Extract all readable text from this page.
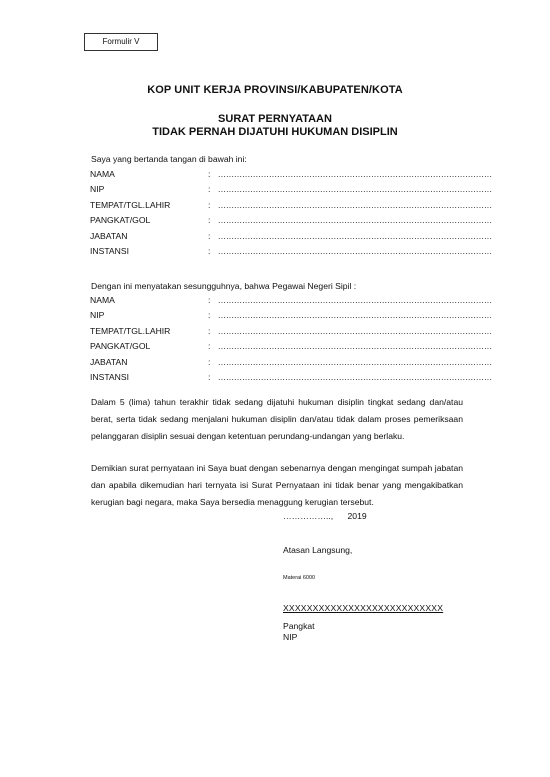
Formulir V
KOP UNIT KERJA PROVINSI/KABUPATEN/KOTA
SURAT PERNYATAAN
TIDAK PERNAH DIJATUHI HUKUMAN DISIPLIN
Saya yang bertanda tangan di bawah ini:
NAMA	: ......................................................................................................
NIP	: ......................................................................................................
TEMPAT/TGL.LAHIR	: ......................................................................................................
PANGKAT/GOL	: ......................................................................................................
JABATAN	: ......................................................................................................
INSTANSI	: ......................................................................................................
Dengan ini menyatakan sesungguhnya, bahwa Pegawai Negeri Sipil :
NAMA	: ......................................................................................................
NIP	: ......................................................................................................
TEMPAT/TGL.LAHIR	: ......................................................................................................
PANGKAT/GOL	: ......................................................................................................
JABATAN	: ......................................................................................................
INSTANSI	: ......................................................................................................
Dalam 5 (lima) tahun terakhir tidak sedang dijatuhi hukuman disiplin tingkat sedang dan/atau berat, serta tidak sedang menjalani hukuman disiplin dan/atau tidak dalam proses pemeriksaan pelanggaran disiplin sesuai dengan ketentuan perundang-undangan yang berlaku.
Demikian surat pernyataan ini Saya buat dengan sebenarnya dengan mengingat sumpah jabatan dan apabila dikemudian hari ternyata isi Surat Pernyataan ini tidak benar yang mengakibatkan kerugian bagi negara, maka Saya bersedia menaggung kerugian tersebut.
…………….., 2019
Atasan Langsung,
Materai 6000
XXXXXXXXXXXXXXXXXXXXXXXXXXX
Pangkat
NIP
